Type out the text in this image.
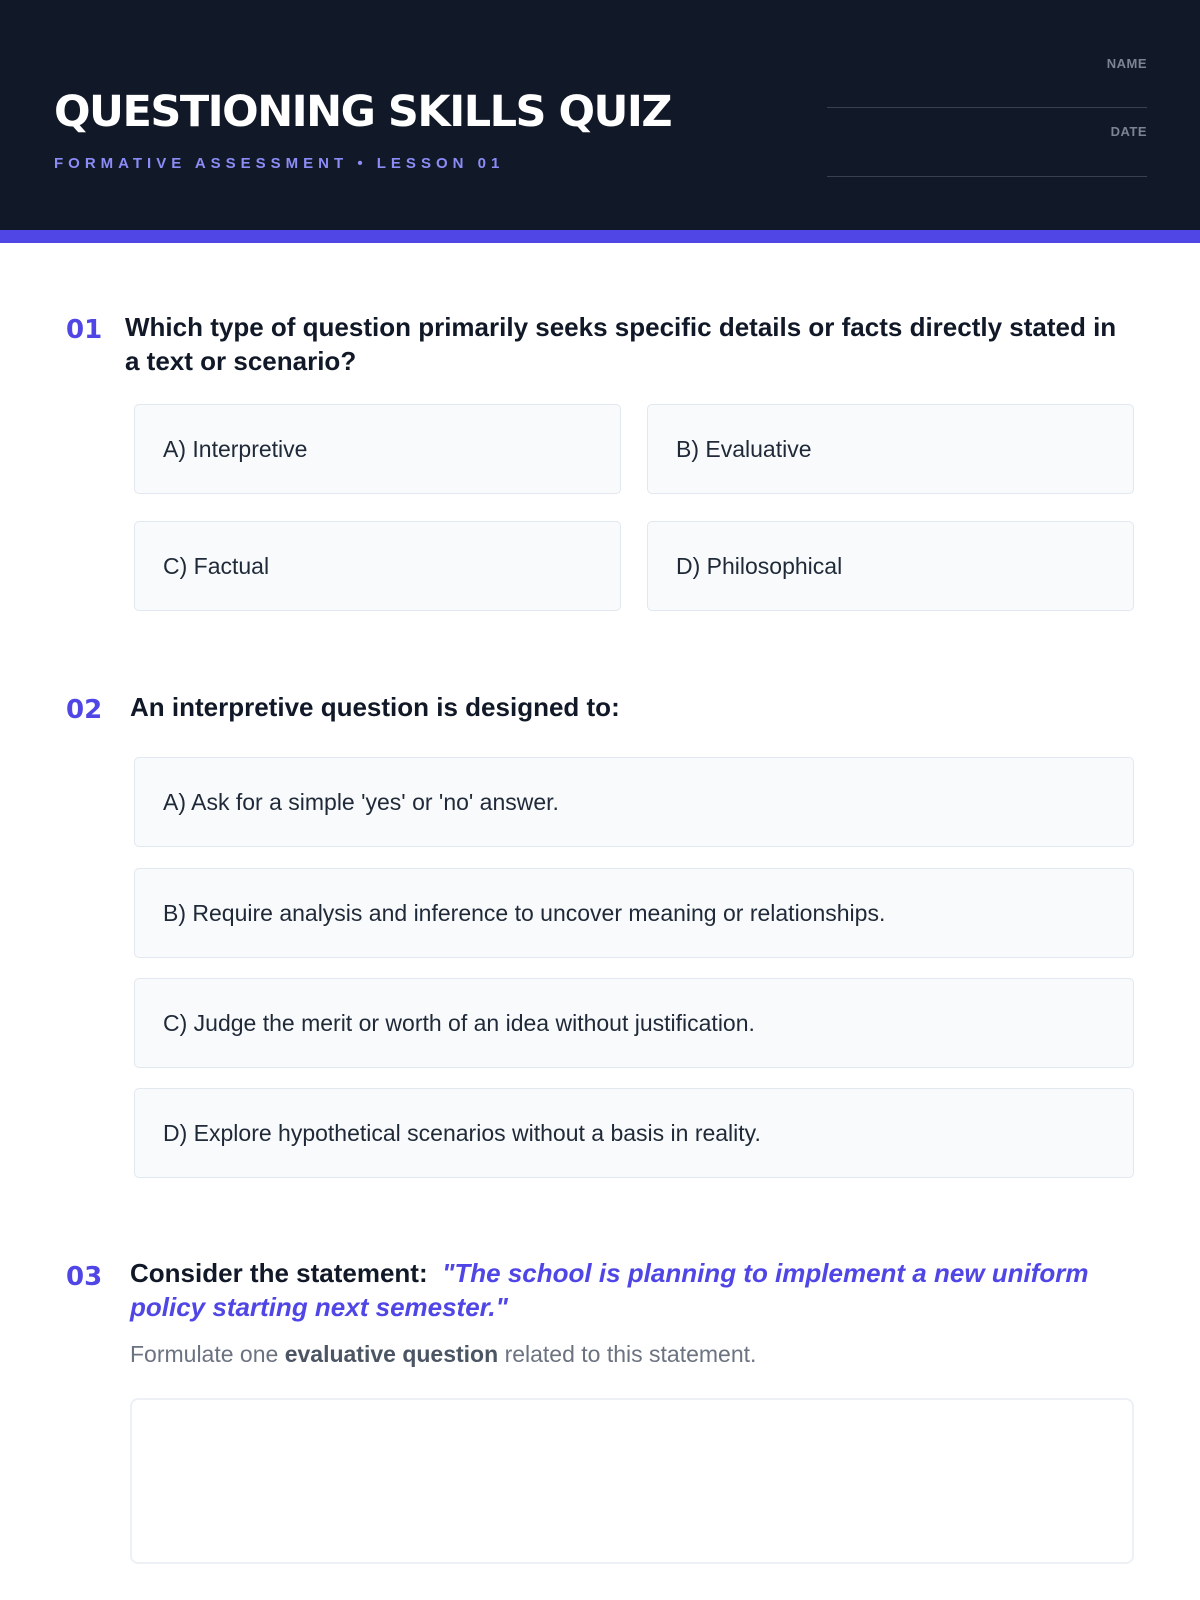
QUESTIONING SKILLS QUIZ
FORMATIVE ASSESSMENT • LESSON 01
NAME
DATE
01 Which type of question primarily seeks specific details or facts directly stated in a text or scenario?

A) Interpretive	B) Evaluative
C) Factual	D) Philosophical
02 An interpretive question is designed to:

A) Ask for a simple 'yes' or 'no' answer.
B) Require analysis and inference to uncover meaning or relationships.
C) Judge the merit or worth of an idea without justification.
D) Explore hypothetical scenarios without a basis in reality.
03 Consider the statement: "The school is planning to implement a new uniform policy starting next semester."

Formulate one evaluative question related to this statement.
